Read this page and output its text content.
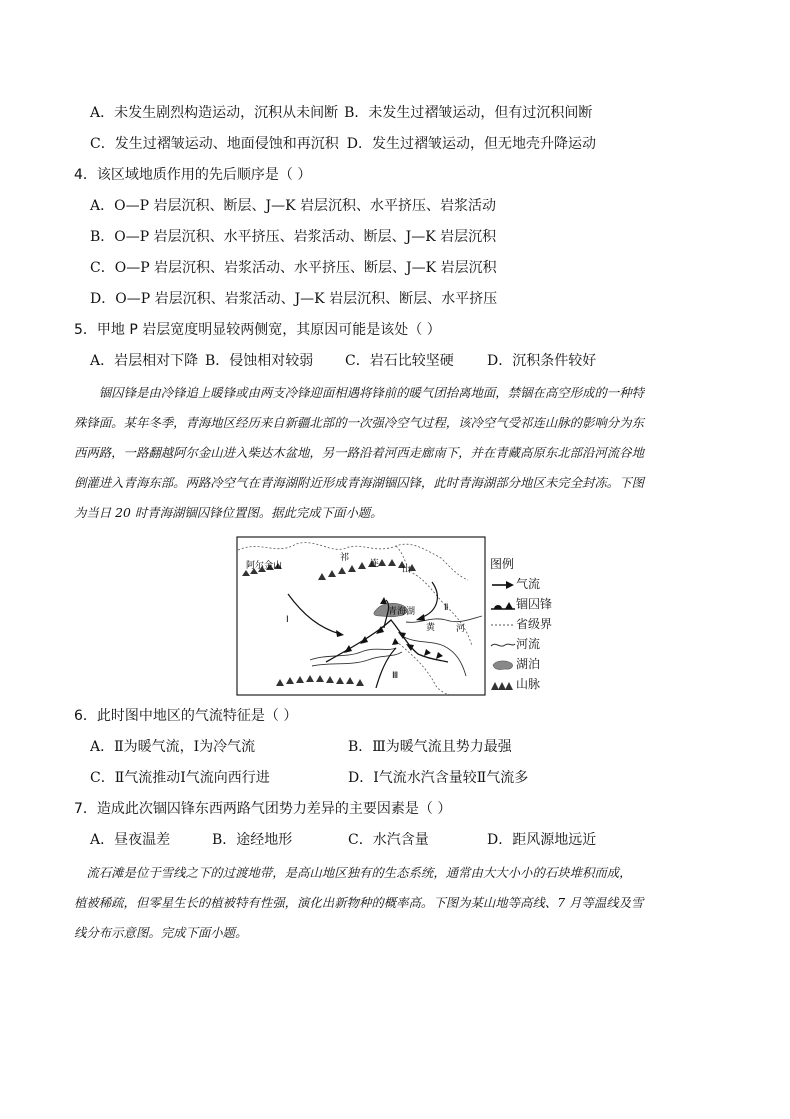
A．未发生剧烈构造运动，沉积从未间断 B．未发生过褶皱运动，但有过沉积间断
C．发生过褶皱运动、地面侵蚀和再沉积 D．发生过褶皱运动，但无地壳升降运动
4．该区域地质作用的先后顺序是（ ）
A．O—P 岩层沉积、断层、J—K 岩层沉积、水平挤压、岩浆活动
B．O—P 岩层沉积、水平挤压、岩浆活动、断层、J—K 岩层沉积
C．O—P 岩层沉积、岩浆活动、水平挤压、断层、J—K 岩层沉积
D．O—P 岩层沉积、岩浆活动、J—K 岩层沉积、断层、水平挤压
5．甲地 P 岩层宽度明显较两侧宽，其原因可能是该处（ ）
A．岩层相对下降 B．侵蚀相对较弱 C．岩石比较坚硬 D．沉积条件较好
锢囚锋是由冷锋追上暖锋或由两支冷锋迎面相遇将锋前的暖气团抬离地面，禁锢在高空形成的一种特
殊锋面。某年冬季，青海地区经历来自新疆北部的一次强冷空气过程，该冷空气受祁连山脉的影响分为东
西两路，一路翻越阿尔金山进入柴达木盆地，另一路沿着河西走廊南下，并在青藏高原东北部沿河流谷地
倒灌进入青海东部。两路冷空气在青海湖附近形成青海湖锢囚锋，此时青海湖部分地区未完全封冻。下图
为当日 20 时青海湖锢囚锋位置图。据此完成下面小题。
阿尔金山
祁
连
山
青海湖
黄 河
Ⅰ
Ⅱ
Ⅲ
图例
气流
锢囚锋
省级界
河流
湖泊
山脉
6．此时图中地区的气流特征是（ ）
A．Ⅱ为暖气流，Ⅰ为冷气流	B．Ⅲ为暖气流且势力最强
C．Ⅱ气流推动Ⅰ气流向西行进	D．Ⅰ气流水汽含量较Ⅱ气流多
7．造成此次锢囚锋东西两路气团势力差异的主要因素是（ ）
A．昼夜温差	B．途经地形	C．水汽含量	D．距风源地远近
流石滩是位于雪线之下的过渡地带，是高山地区独有的生态系统，通常由大大小小的石块堆积而成，
植被稀疏，但零星生长的植被特有性强，演化出新物种的概率高。下图为某山地等高线、7 月等温线及雪
线分布示意图。完成下面小题。
